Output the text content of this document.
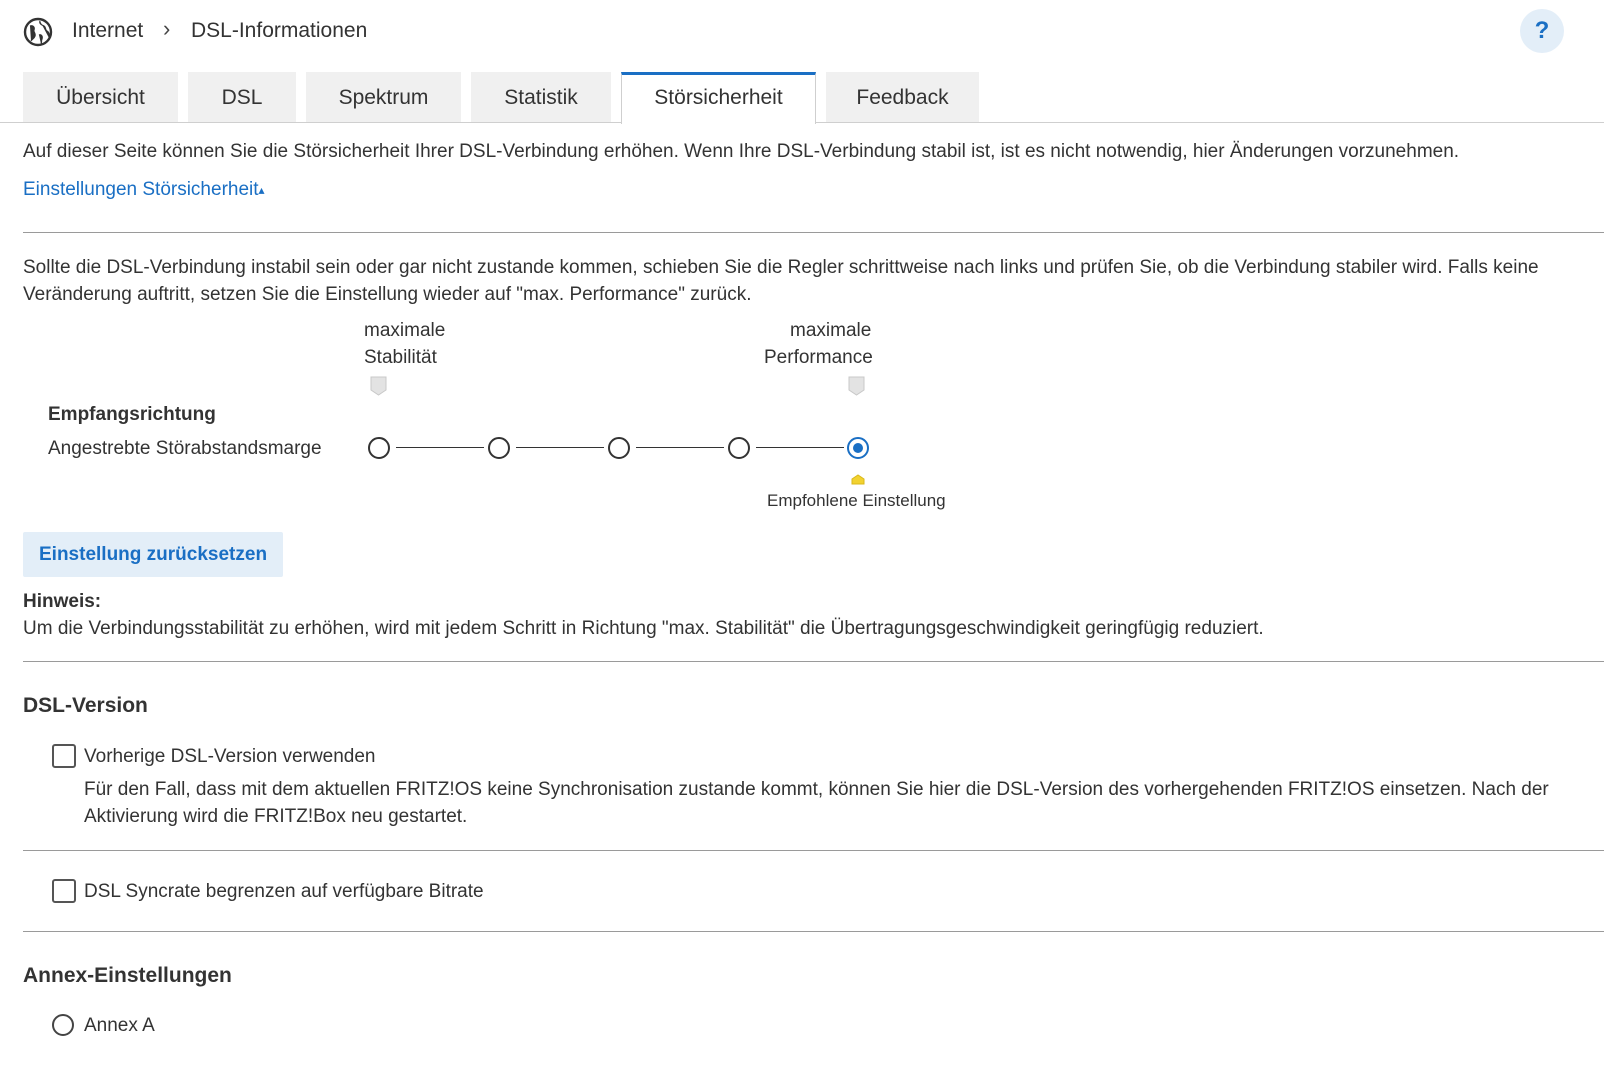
Internet › DSL-Informationen	?
Übersicht	DSL	Spektrum	Statistik	Störsicherheit	Feedback
Auf dieser Seite können Sie die Störsicherheit Ihrer DSL-Verbindung erhöhen. Wenn Ihre DSL-Verbindung stabil ist, ist es nicht notwendig, hier Änderungen vorzunehmen.
Einstellungen Störsicherheit▴
Sollte die DSL-Verbindung instabil sein oder gar nicht zustande kommen, schieben Sie die Regler schrittweise nach links und prüfen Sie, ob die Verbindung stabiler wird. Falls keine Veränderung auftritt, setzen Sie die Einstellung wieder auf "max. Performance" zurück.
maximale
Stabilität
maximale
Performance
Empfangsrichtung
Angestrebte Störabstandsmarge
Empfohlene Einstellung
Einstellung zurücksetzen
Hinweis:
Um die Verbindungsstabilität zu erhöhen, wird mit jedem Schritt in Richtung "max. Stabilität" die Übertragungsgeschwindigkeit geringfügig reduziert.
DSL-Version
Vorherige DSL-Version verwenden
Für den Fall, dass mit dem aktuellen FRITZ!OS keine Synchronisation zustande kommt, können Sie hier die DSL-Version des vorhergehenden FRITZ!OS einsetzen. Nach der Aktivierung wird die FRITZ!Box neu gestartet.
DSL Syncrate begrenzen auf verfügbare Bitrate
Annex-Einstellungen
Annex A
